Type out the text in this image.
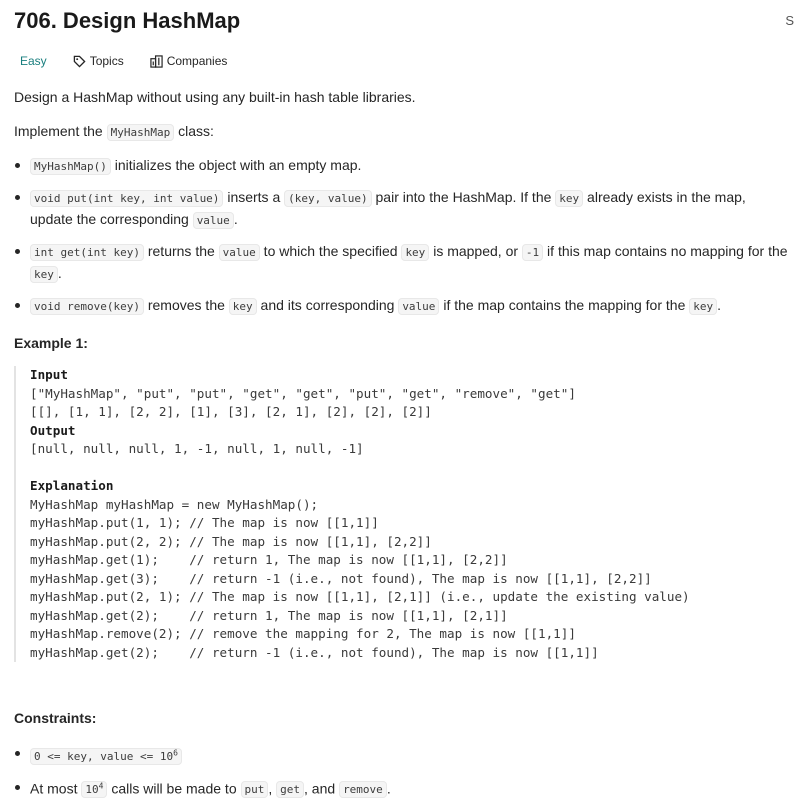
706. Design HashMap	S
Easy	Topics	Companies

Design a HashMap without using any built-in hash table libraries.

Implement the MyHashMap class:

MyHashMap() initializes the object with an empty map.
void put(int key, int value) inserts a (key, value) pair into the HashMap. If the key already exists in the map, update the corresponding value .
int get(int key) returns the value to which the specified key is mapped, or -1 if this map contains no mapping for the key .
void remove(key) removes the key and its corresponding value if the map contains the mapping for the key .
Example 1:
Input
["MyHashMap", "put", "put", "get", "get", "put", "get", "remove", "get"]
[[], [1, 1], [2, 2], [1], [3], [2, 1], [2], [2], [2]]
Output
[null, null, null, 1, -1, null, 1, null, -1]

Explanation
MyHashMap myHashMap = new MyHashMap();
myHashMap.put(1, 1); // The map is now [[1,1]]
myHashMap.put(2, 2); // The map is now [[1,1], [2,2]]
myHashMap.get(1);    // return 1, The map is now [[1,1], [2,2]]
myHashMap.get(3);    // return -1 (i.e., not found), The map is now [[1,1], [2,2]]
myHashMap.put(2, 1); // The map is now [[1,1], [2,1]] (i.e., update the existing value)
myHashMap.get(2);    // return 1, The map is now [[1,1], [2,1]]
myHashMap.remove(2); // remove the mapping for 2, The map is now [[1,1]]
myHashMap.get(2);    // return -1 (i.e., not found), The map is now [[1,1]]
Constraints:
0 <= key, value <= $10^6$
At most $10^4$ calls will be made to put , get , and remove .
